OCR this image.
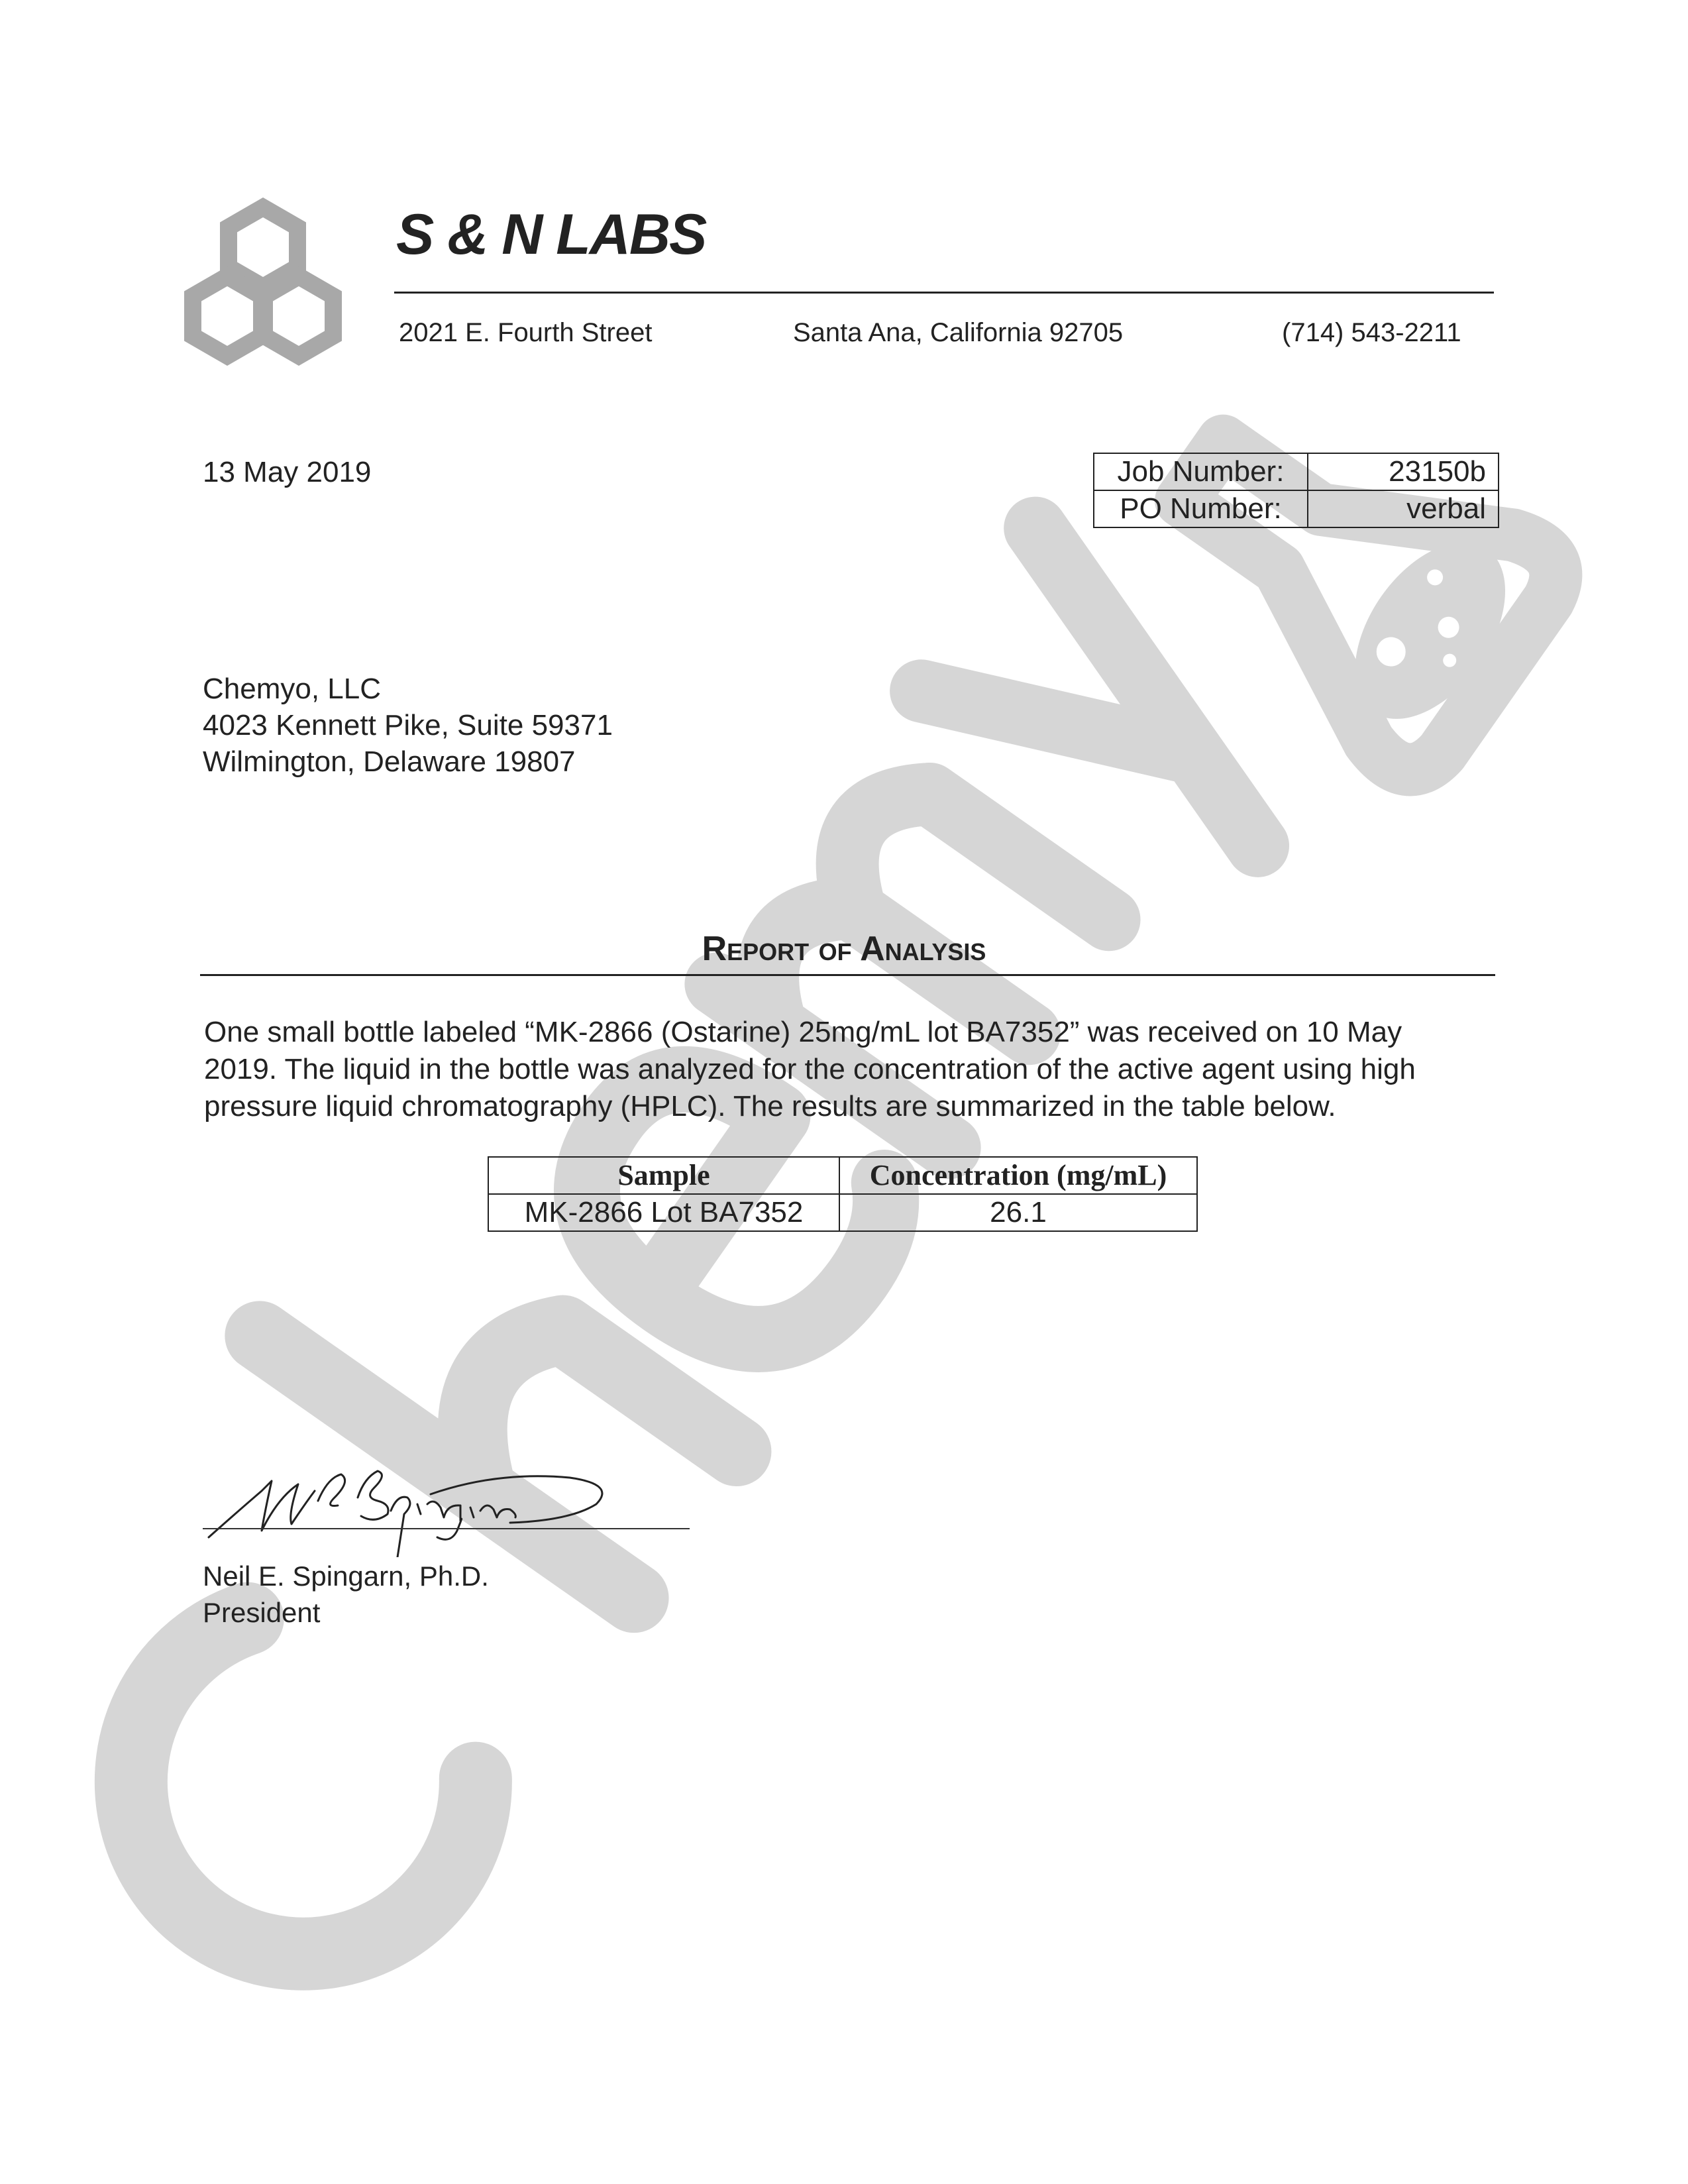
S & N LABS
2021 E. Fourth Street	Santa Ana, California 92705	(714) 543-2211
13 May 2019	Job Number:	23150b
PO Number:	verbal
Chemyo, LLC
4023 Kennett Pike, Suite 59371
Wilmington, Delaware 19807
Report of Analysis
One small bottle labeled “MK-2866 (Ostarine) 25mg/mL lot BA7352” was received on 10 May
2019. The liquid in the bottle was analyzed for the concentration of the active agent using high
pressure liquid chromatography (HPLC). The results are summarized in the table below.
Sample	Concentration (mg/mL)
MK-2866 Lot BA7352	26.1
Neil E. Spingarn, Ph.D.
President
